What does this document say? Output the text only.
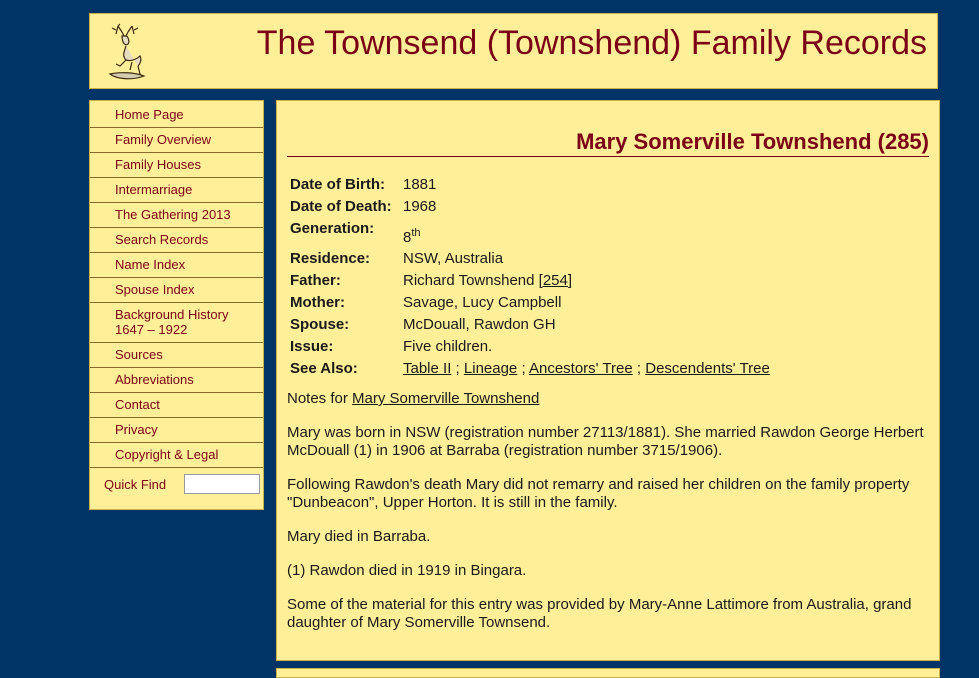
The Townsend (Townshend) Family Records
Home Page
Family Overview
Family Houses
Intermarriage
The Gathering 2013
Search Records
Name Index
Spouse Index
Background History
1647 – 1922
Sources
Abbreviations
Contact
Privacy
Copyright & Legal
Quick Find
Mary Somerville Townshend (285)
Date of Birth:	1881
Date of Death:	1968
Generation:	8th
Residence:	NSW, Australia
Father:	Richard Townshend [254]
Mother:	Savage, Lucy Campbell
Spouse:	McDouall, Rawdon GH
Issue:	Five children.
See Also:	Table II ; Lineage ; Ancestors' Tree ; Descendents' Tree

Notes for Mary Somerville Townshend

Mary was born in NSW (registration number 27113/1881). She married Rawdon George Herbert McDouall (1) in 1906 at Barraba (registration number 3715/1906).

Following Rawdon's death Mary did not remarry and raised her children on the family property "Dunbeacon", Upper Horton. It is still in the family.

Mary died in Barraba.

(1) Rawdon died in 1919 in Bingara.

Some of the material for this entry was provided by Mary-Anne Lattimore from Australia, grand daughter of Mary Somerville Townsend.
